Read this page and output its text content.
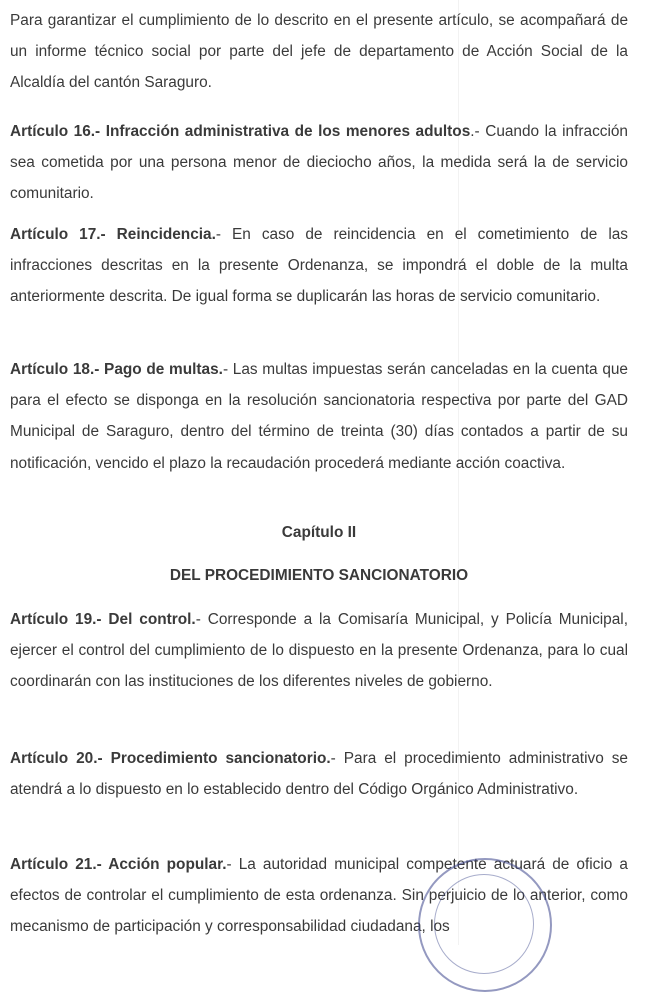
Para garantizar el cumplimiento de lo descrito en el presente artículo, se acompañará de un informe técnico social por parte del jefe de departamento de Acción Social de la Alcaldía del cantón Saraguro.

Artículo 16.- Infracción administrativa de los menores adultos.- Cuando la infracción sea cometida por una persona menor de dieciocho años, la medida será la de servicio comunitario.

Artículo 17.- Reincidencia.- En caso de reincidencia en el cometimiento de las infracciones descritas en la presente Ordenanza, se impondrá el doble de la multa anteriormente descrita. De igual forma se duplicarán las horas de servicio comunitario.

Artículo 18.- Pago de multas.- Las multas impuestas serán canceladas en la cuenta que para el efecto se disponga en la resolución sancionatoria respectiva por parte del GAD Municipal de Saraguro, dentro del término de treinta (30) días contados a partir de su notificación, vencido el plazo la recaudación procederá mediante acción coactiva.

Capítulo II

DEL PROCEDIMIENTO SANCIONATORIO

Artículo 19.- Del control.- Corresponde a la Comisaría Municipal, y Policía Municipal, ejercer el control del cumplimiento de lo dispuesto en la presente Ordenanza, para lo cual coordinarán con las instituciones de los diferentes niveles de gobierno.

Artículo 20.- Procedimiento sancionatorio.- Para el procedimiento administrativo se atendrá a lo dispuesto en lo establecido dentro del Código Orgánico Administrativo.

Artículo 21.- Acción popular.- La autoridad municipal competente actuará de oficio a efectos de controlar el cumplimiento de esta ordenanza. Sin perjuicio de lo anterior, como mecanismo de participación y corresponsabilidad ciudadana, los
